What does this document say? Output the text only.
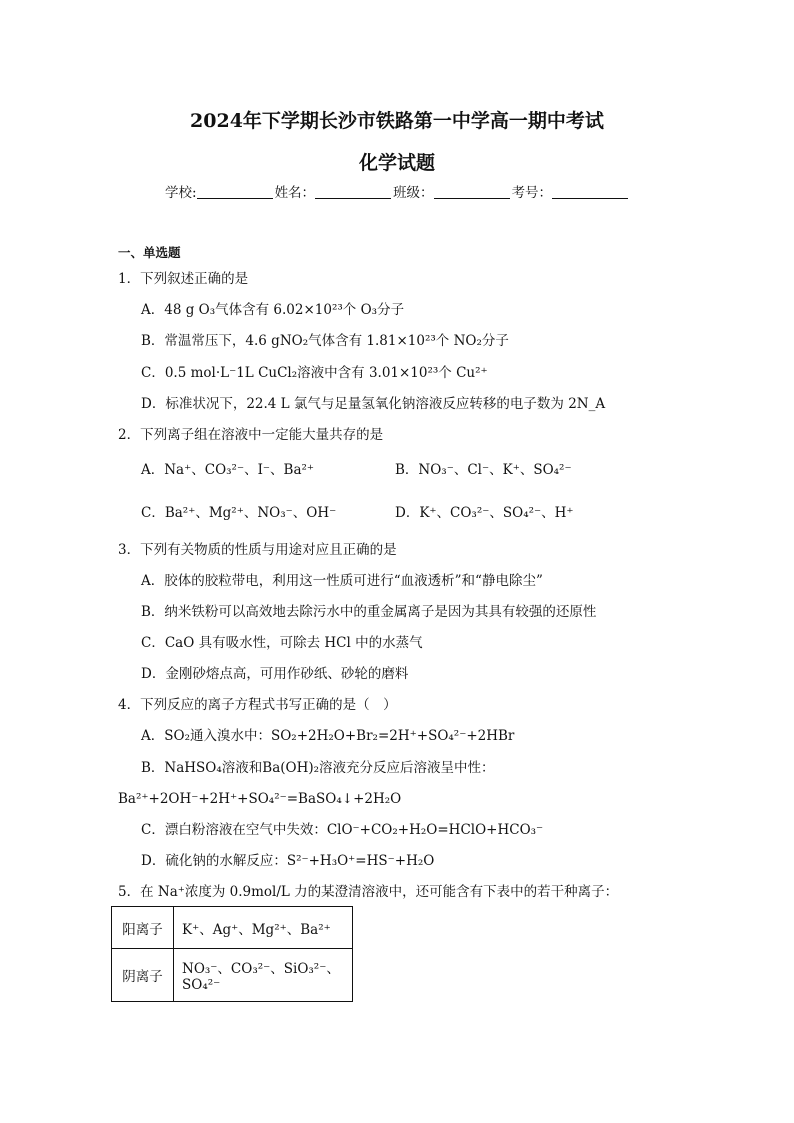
2024年下学期长沙市铁路第一中学高一期中考试
化学试题
学校:	姓名：	班级：	考号：
一、单选题
1．下列叙述正确的是
A．48 g O₃气体含有 6.02×10²³个 O₃分子
B．常温常压下，4.6 gNO₂气体含有 1.81×10²³个 NO₂分子
C．0.5 mol·L⁻1L CuCl₂溶液中含有 3.01×10²³个 Cu²⁺
D．标准状况下，22.4 L 氯气与足量氢氧化钠溶液反应转移的电子数为 2N_A
2．下列离子组在溶液中一定能大量共存的是
A．Na⁺、CO₃²⁻、I⁻、Ba²⁺	B．NO₃⁻、Cl⁻、K⁺、SO₄²⁻
C．Ba²⁺、Mg²⁺、NO₃⁻、OH⁻	D．K⁺、CO₃²⁻、SO₄²⁻、H⁺
3．下列有关物质的性质与用途对应且正确的是
A．胶体的胶粒带电，利用这一性质可进行“血液透析”和“静电除尘”
B．纳米铁粉可以高效地去除污水中的重金属离子是因为其具有较强的还原性
C．CaO 具有吸水性，可除去 HCl 中的水蒸气
D．金刚砂熔点高，可用作砂纸、砂轮的磨料
4．下列反应的离子方程式书写正确的是（　）
A．SO₂通入溴水中：SO₂+2H₂O+Br₂=2H⁺+SO₄²⁻+2HBr
B．NaHSO₄溶液和Ba(OH)₂溶液充分反应后溶液呈中性：
Ba²⁺+2OH⁻+2H⁺+SO₄²⁻=BaSO₄↓+2H₂O
C．漂白粉溶液在空气中失效：ClO⁻+CO₂+H₂O=HClO+HCO₃⁻
D．硫化钠的水解反应：S²⁻+H₃O⁺=HS⁻+H₂O
5．在 Na⁺浓度为 0.9mol/L 力的某澄清溶液中，还可能含有下表中的若干种离子：
阳离子	K⁺、Ag⁺、Mg²⁺、Ba²⁺
阴离子	NO₃⁻、CO₃²⁻、SiO₃²⁻、SO₄²⁻
